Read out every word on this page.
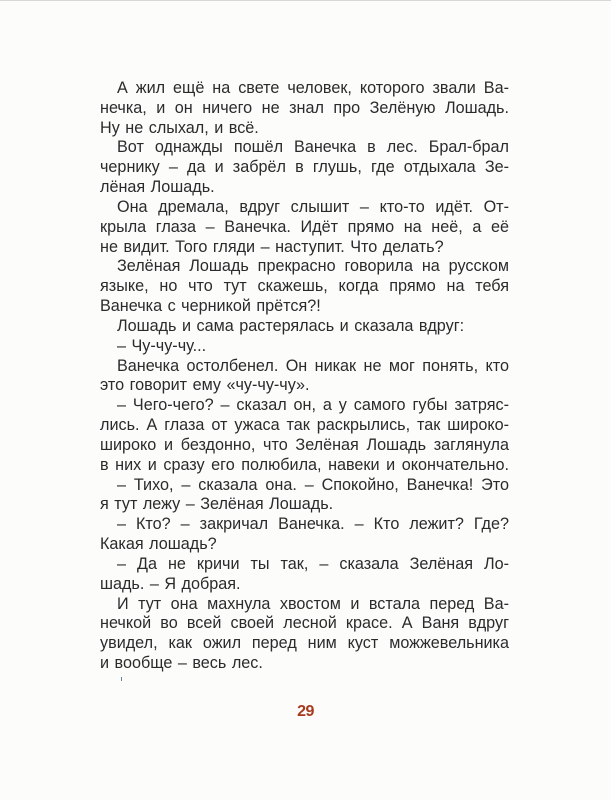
А жил ещё на свете человек, которого звали Ва-
нечка, и он ничего не знал про Зелёную Лошадь.
Ну не слыхал, и всё.
Вот однажды пошёл Ванечка в лес. Брал-брал
чернику – да и забрёл в глушь, где отдыхала Зе-
лёная Лошадь.
Она дремала, вдруг слышит – кто-то идёт. От-
крыла глаза – Ванечка. Идёт прямо на неё, а её
не видит. Того гляди – наступит. Что делать?
Зелёная Лошадь прекрасно говорила на русском
языке, но что тут скажешь, когда прямо на тебя
Ванечка с черникой прётся?!
Лошадь и сама растерялась и сказала вдруг:
– Чу-чу-чу...
Ванечка остолбенел. Он никак не мог понять, кто
это говорит ему «чу-чу-чу».
– Чего-чего? – сказал он, а у самого губы затряс-
лись. А глаза от ужаса так раскрылись, так широко-
широко и бездонно, что Зелёная Лошадь заглянула
в них и сразу его полюбила, навеки и окончательно.
– Тихо, – сказала она. – Спокойно, Ванечка! Это
я тут лежу – Зелёная Лошадь.
– Кто? – закричал Ванечка. – Кто лежит? Где?
Какая лошадь?
– Да не кричи ты так, – сказала Зелёная Ло-
шадь. – Я добрая.
И тут она махнула хвостом и встала перед Ва-
нечкой во всей своей лесной красе. А Ваня вдруг
увидел, как ожил перед ним куст можжевельника
и вообще – весь лес.
29
